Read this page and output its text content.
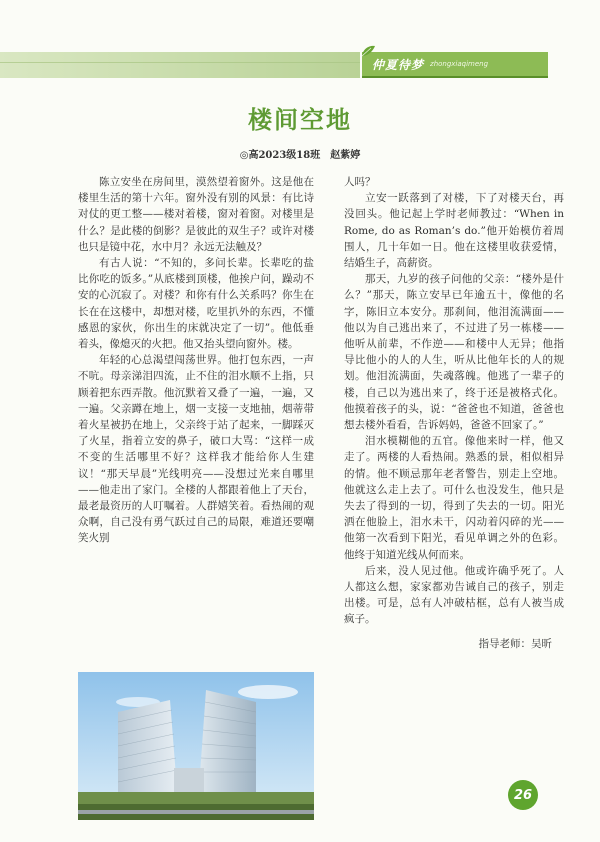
仲夏待梦 zhongxiaqimeng
楼间空地
◎高2023级18班　赵紫婷

陈立安坐在房间里，漠然望着窗外。这是他在楼里生活的第十六年。窗外没有别的风景：有比诗对仗的更工整——楼对着楼，窗对着窗。对楼里是什么？是此楼的倒影？是彼此的双生子？或许对楼也只是镜中花，水中月？永远无法触及？

有古人说：“不知的，多问长辈。长辈吃的盐比你吃的饭多。”从底楼到顶楼，他挨户问，躁动不安的心沉寂了。对楼？和你有什么关系吗？你生在长在在这楼中，却想对楼，吃里扒外的东西，不懂感恩的家伙，你出生的床就决定了一切”。他低垂着头，像熄灭的火把。他又抬头望向窗外。楼。

年轻的心总渴望闯荡世界。他打包东西，一声不吭。母亲涕泪四流，止不住的泪水顺不上指，只顾着把东西弄散。他沉默着又叠了一遍，一遍，又一遍。父亲蹲在地上，烟一支接一支地抽，烟蒂带着火星被扔在地上，父亲终于站了起来，一脚踩灭了火星，指着立安的鼻子，破口大骂：“这样一成不变的生活哪里不好？这样我才能给你人生建议！“那天早晨”光线明亮——没想过光来自哪里——他走出了家门。全楼的人都跟着他上了天台，最老最资历的人叮嘱着。人群嬉笑着。看热闹的观众啊，自己没有勇气跃过自己的局限，难道还要嘲笑火别

人吗？

立安一跃落到了对楼，下了对楼天台，再没回头。他记起上学时老师教过：“When in Rome, do as Roman’s do.”他开始模仿着周围人，几十年如一日。他在这楼里收获爱情，结婚生子，高薪资。

那天，九岁的孩子问他的父亲：“楼外是什么？”那天，陈立安早已年逾五十，像他的名字，陈旧立本安分。那刹间，他泪流满面——他以为自己逃出来了，不过进了另一栋楼——他听从前辈，不作逆——和楼中人无异；他指导比他小的人的人生，听从比他年长的人的规划。他泪流满面，失魂落魄。他逃了一辈子的楼，自己以为逃出来了，终于还是被格式化。他摸着孩子的头，说：“爸爸也不知道，爸爸也想去楼外看看，告诉妈妈，爸爸不回家了。”

泪水模糊他的五官。像他来时一样，他又走了。两楼的人看热闹。熟悉的景，相似相异的情。他不顾忌那年老者警告，别走上空地。他就这么走上去了。可什么也没发生，他只是失去了得到的一切，得到了失去的一切。阳光洒在他脸上，泪水未干，闪动着闪碎的光——他第一次看到下阳光，看见单调之外的色彩。他终于知道光线从何而来。

后来，没人见过他。他或许确乎死了。人人都这么想，家家都劝告诫自己的孩子，别走出楼。可是，总有人冲破枯框，总有人被当成疯子。

指导老师：吴昕

26
